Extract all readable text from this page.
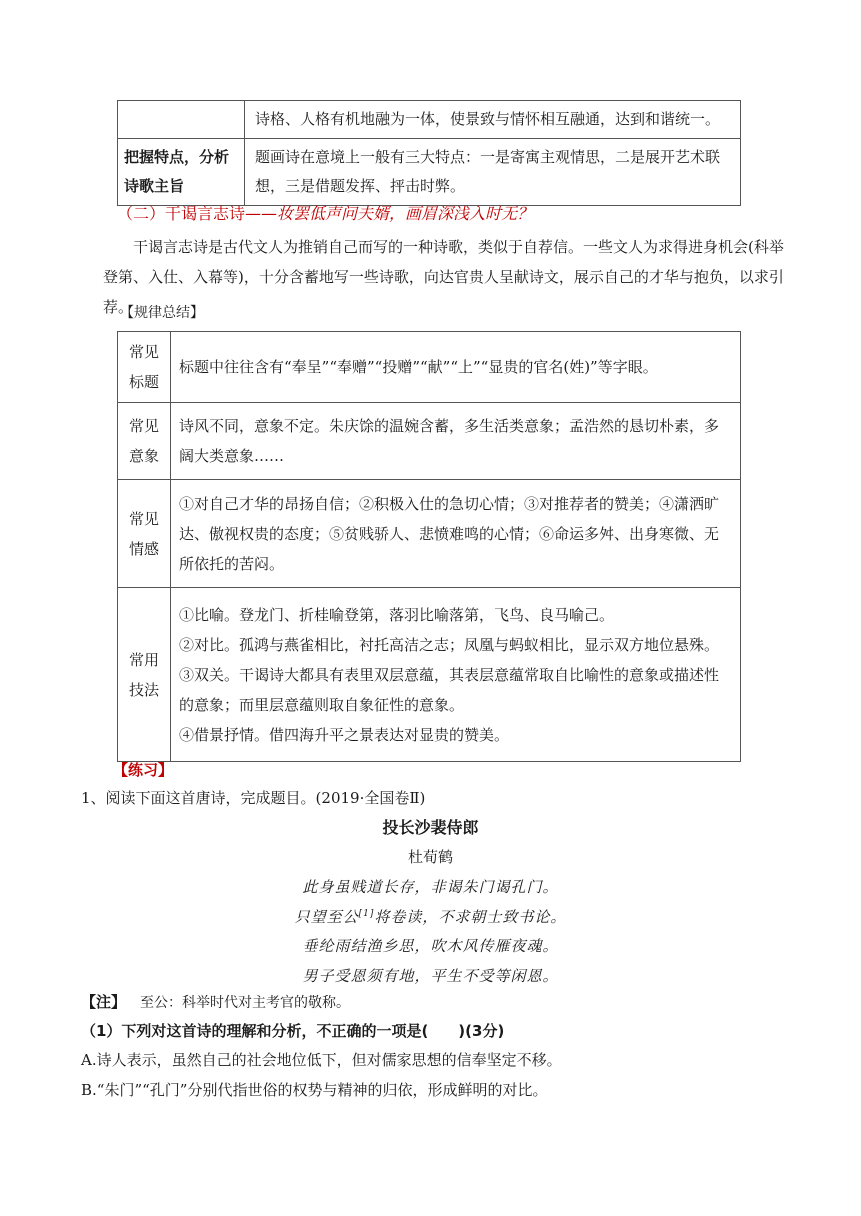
	诗格、人格有机地融为一体，使景致与情怀相互融通，达到和谐统一。
把握特点，分析诗歌主旨	题画诗在意境上一般有三大特点：一是寄寓主观情思，二是展开艺术联想，三是借题发挥、抨击时弊。
（二）干谒言志诗——妆罢低声问夫婿，画眉深浅入时无？
干谒言志诗是古代文人为推销自己而写的一种诗歌，类似于自荐信。一些文人为求得进身机会(科举登第、入仕、入幕等)，十分含蓄地写一些诗歌，向达官贵人呈献诗文，展示自己的才华与抱负，以求引荐。
【规律总结】
常见标题	标题中往往含有“奉呈”“奉赠”“投赠”“献”“上”“显贵的官名(姓)”等字眼。

常见意象	诗风不同，意象不定。朱庆馀的温婉含蓄，多生活类意象；孟浩然的恳切朴素，多阔大类意象……

常见情感	①对自己才华的昂扬自信；②积极入仕的急切心情；③对推荐者的赞美；④潇洒旷达、傲视权贵的态度；⑤贫贱骄人、悲愤难鸣的心情；⑥命运多舛、出身寒微、无所依托的苦闷。

常用技法	①比喻。登龙门、折桂喻登第，落羽比喻落第，飞鸟、良马喻己。

②对比。孤鸿与燕雀相比，衬托高洁之志；凤凰与蚂蚁相比，显示双方地位悬殊。

③双关。干谒诗大都具有表里双层意蕴，其表层意蕴常取自比喻性的意象或描述性的意象；而里层意蕴则取自象征性的意象。

④借景抒情。借四海升平之景表达对显贵的赞美。

【练习】
1、阅读下面这首唐诗，完成题目。(2019·全国卷Ⅱ)
投长沙裴侍郎
杜荀鹤
此身虽贱道长存，非谒朱门谒孔门。
只望至公[1]将卷读，不求朝士致书论。
垂纶雨结渔乡思，吹木风传雁夜魂。
男子受恩须有地，平生不受等闲恩。
【注】 至公：科举时代对主考官的敬称。
（1）下列对这首诗的理解和分析，不正确的一项是(　　)(3分)
A.诗人表示，虽然自己的社会地位低下，但对儒家思想的信奉坚定不移。
B.“朱门”“孔门”分别代指世俗的权势与精神的归依，形成鲜明的对比。
